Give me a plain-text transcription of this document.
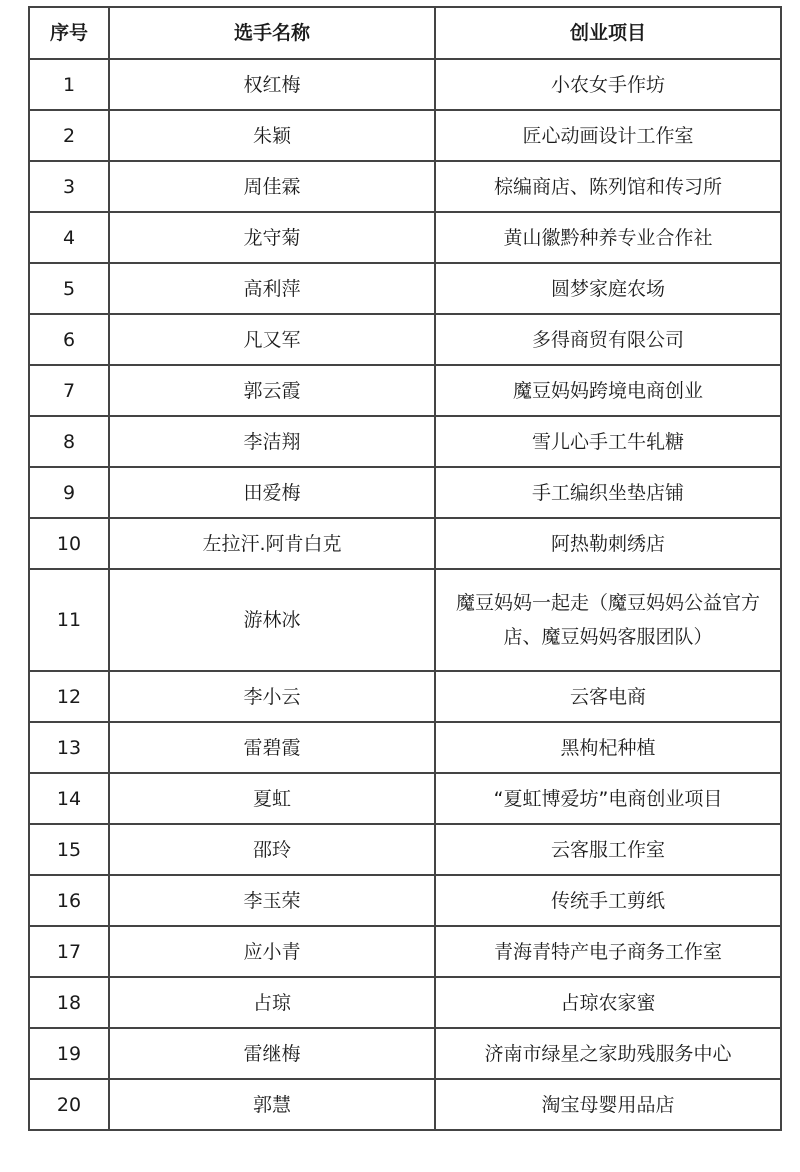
序号	选手名称	创业项目
1	权红梅	小农女手作坊
2	朱颖	匠心动画设计工作室
3	周佳霖	棕编商店、陈列馆和传习所
4	龙守菊	黄山徽黔种养专业合作社
5	高利萍	圆梦家庭农场
6	凡又军	多得商贸有限公司
7	郭云霞	魔豆妈妈跨境电商创业
8	李洁翔	雪儿心手工牛轧糖
9	田爱梅	手工编织坐垫店铺
10	左拉汗.阿肯白克	阿热勒刺绣店
11	游林冰	魔豆妈妈一起走（魔豆妈妈公益官方店、魔豆妈妈客服团队）
12	李小云	云客电商
13	雷碧霞	黑枸杞种植
14	夏虹	“夏虹博爱坊”电商创业项目
15	邵玲	云客服工作室
16	李玉荣	传统手工剪纸
17	应小青	青海青特产电子商务工作室
18	占琼	占琼农家蜜
19	雷继梅	济南市绿星之家助残服务中心
20	郭慧	淘宝母婴用品店
